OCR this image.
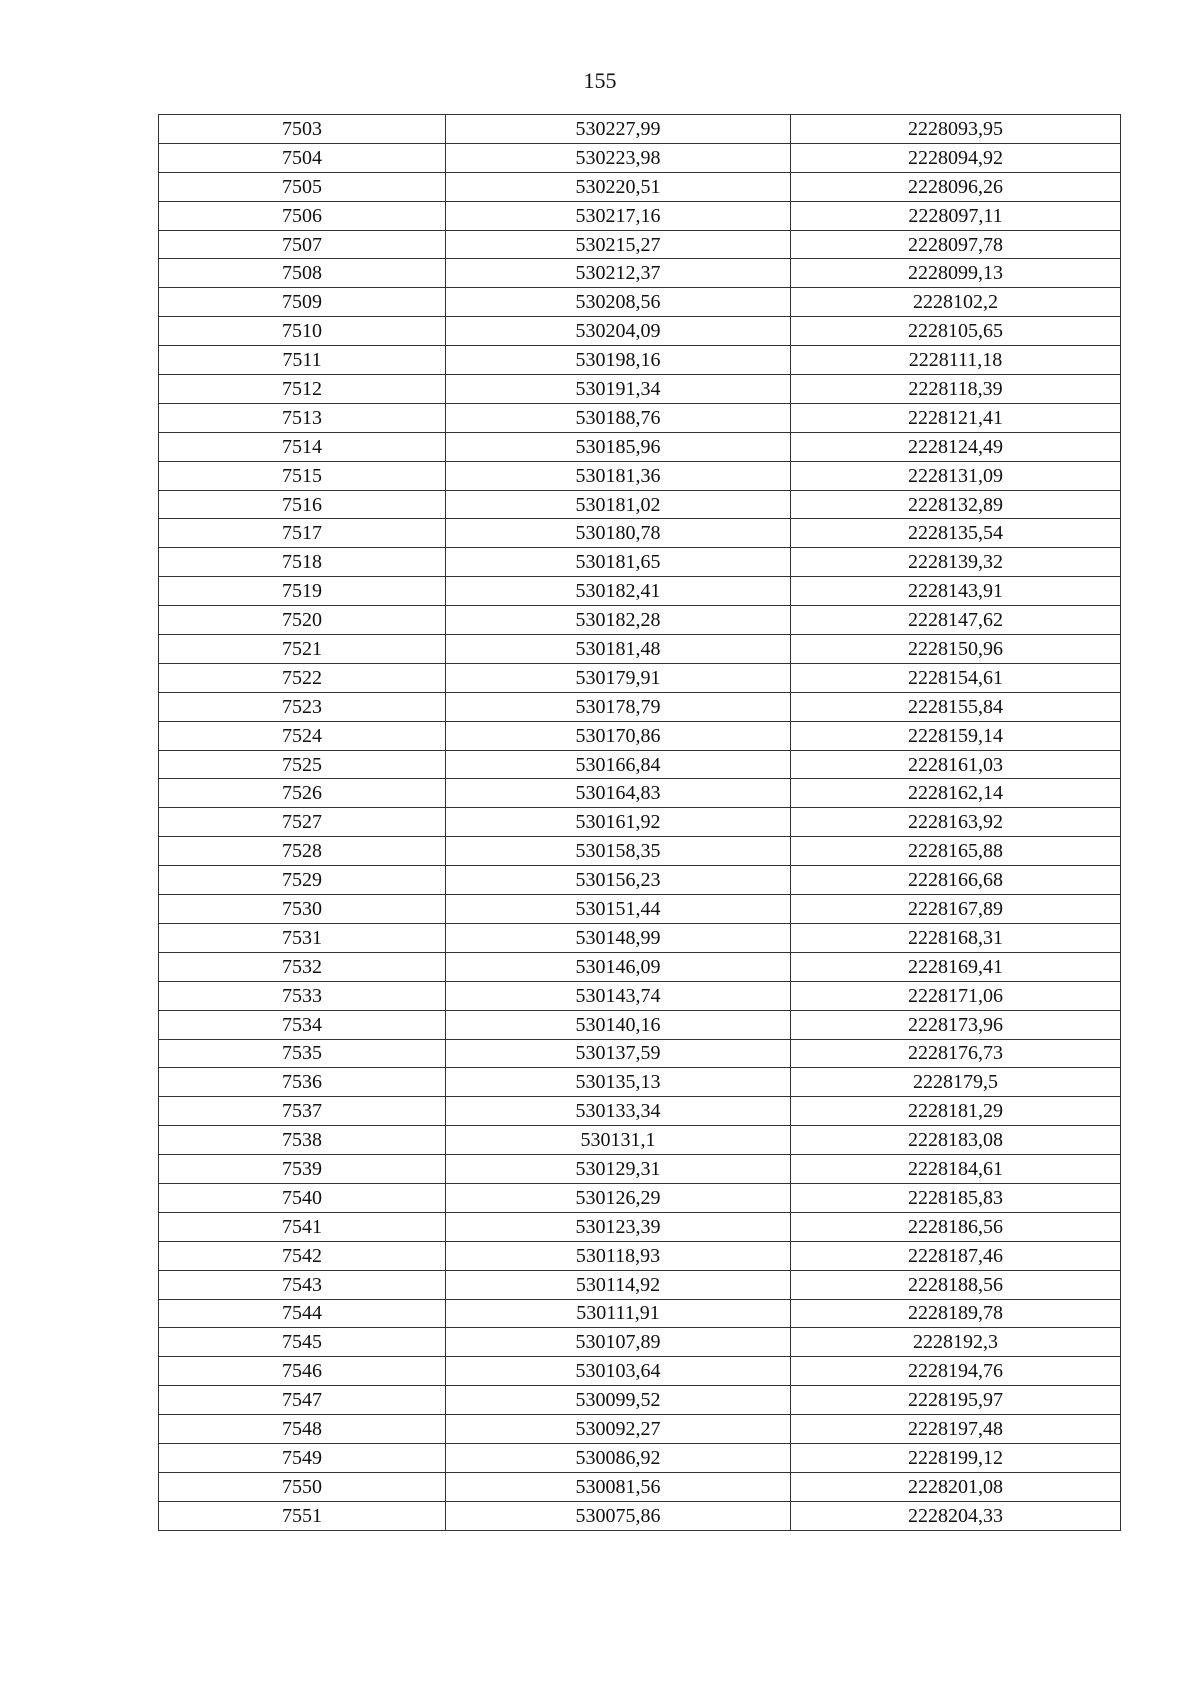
155
7503	530227,99	2228093,95
7504	530223,98	2228094,92
7505	530220,51	2228096,26
7506	530217,16	2228097,11
7507	530215,27	2228097,78
7508	530212,37	2228099,13
7509	530208,56	2228102,2
7510	530204,09	2228105,65
7511	530198,16	2228111,18
7512	530191,34	2228118,39
7513	530188,76	2228121,41
7514	530185,96	2228124,49
7515	530181,36	2228131,09
7516	530181,02	2228132,89
7517	530180,78	2228135,54
7518	530181,65	2228139,32
7519	530182,41	2228143,91
7520	530182,28	2228147,62
7521	530181,48	2228150,96
7522	530179,91	2228154,61
7523	530178,79	2228155,84
7524	530170,86	2228159,14
7525	530166,84	2228161,03
7526	530164,83	2228162,14
7527	530161,92	2228163,92
7528	530158,35	2228165,88
7529	530156,23	2228166,68
7530	530151,44	2228167,89
7531	530148,99	2228168,31
7532	530146,09	2228169,41
7533	530143,74	2228171,06
7534	530140,16	2228173,96
7535	530137,59	2228176,73
7536	530135,13	2228179,5
7537	530133,34	2228181,29
7538	530131,1	2228183,08
7539	530129,31	2228184,61
7540	530126,29	2228185,83
7541	530123,39	2228186,56
7542	530118,93	2228187,46
7543	530114,92	2228188,56
7544	530111,91	2228189,78
7545	530107,89	2228192,3
7546	530103,64	2228194,76
7547	530099,52	2228195,97
7548	530092,27	2228197,48
7549	530086,92	2228199,12
7550	530081,56	2228201,08
7551	530075,86	2228204,33
